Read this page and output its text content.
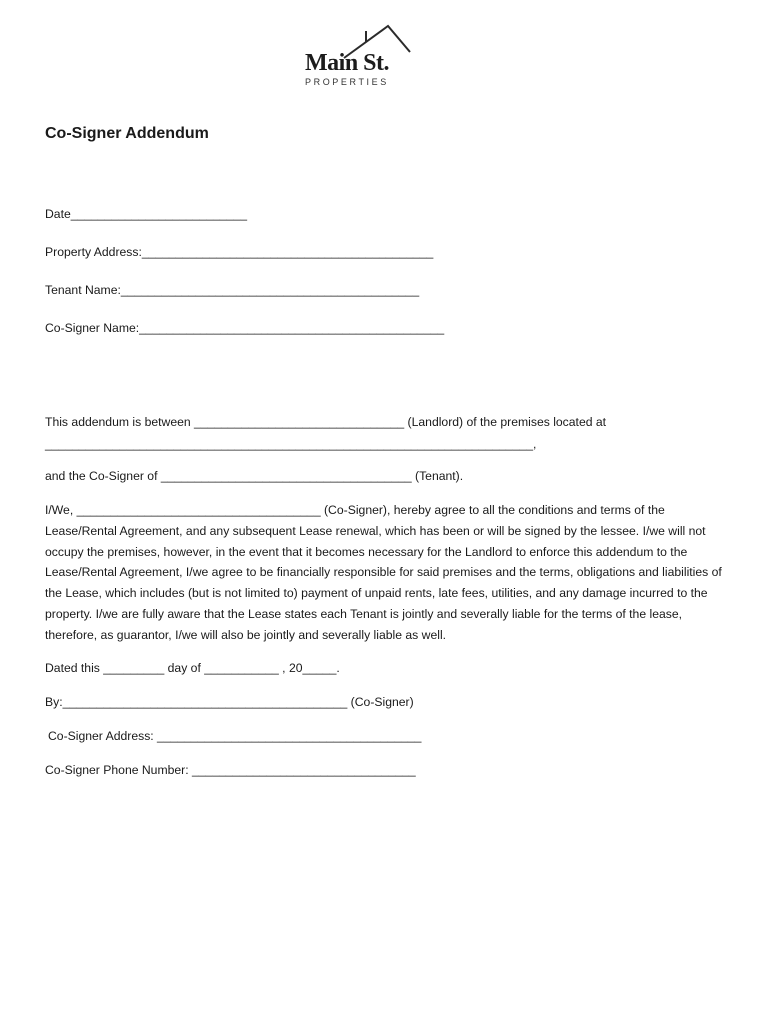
Main St.
PROPERTIES
Co-Signer Addendum

Date__________________________

Property Address:___________________________________________

Tenant Name:____________________________________________

Co-Signer Name:_____________________________________________

This addendum is between _______________________________ (Landlord) of the premises located at

________________________________________________________________________,

and the Co-Signer of _____________________________________ (Tenant).

I/We, ____________________________________ (Co-Signer), hereby agree to all the conditions and terms of the Lease/Rental Agreement, and any subsequent Lease renewal, which has been or will be signed by the lessee. I/we will not occupy the premises, however, in the event that it becomes necessary for the Landlord to enforce this addendum to the Lease/Rental Agreement, I/we agree to be financially responsible for said premises and the terms, obligations and liabilities of the Lease, which includes (but is not limited to) payment of unpaid rents, late fees, utilities, and any damage incurred to the property. I/we are fully aware that the Lease states each Tenant is jointly and severally liable for the terms of the lease, therefore, as guarantor, I/we will also be jointly and severally liable as well.

Dated this _________ day of ___________ , 20_____.

By:__________________________________________ (Co-Signer)

Co-Signer Address: _______________________________________

Co-Signer Phone Number: _________________________________
